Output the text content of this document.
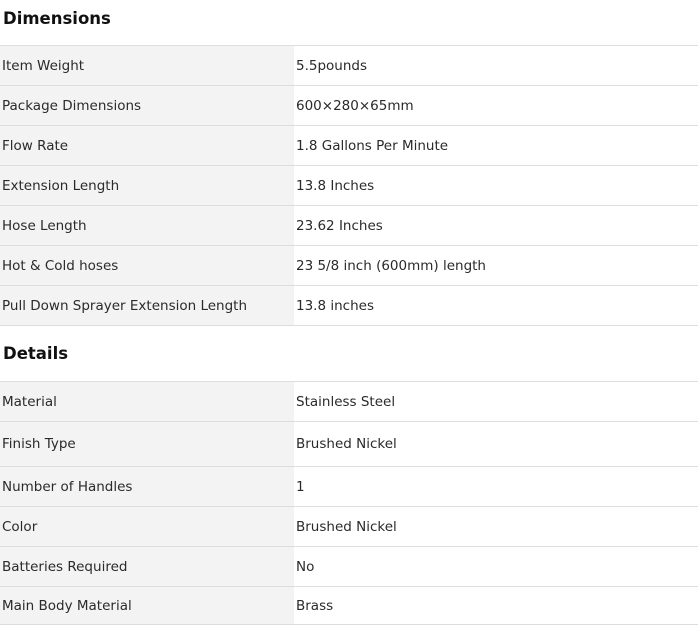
Dimensions
Item Weight	5.5pounds
Package Dimensions	600×280×65mm
Flow Rate	1.8 Gallons Per Minute
Extension Length	13.8 Inches
Hose Length	23.62 Inches
Hot & Cold hoses	23 5/8 inch (600mm) length
Pull Down Sprayer Extension Length	13.8 inches
Details
Material	Stainless Steel
Finish Type	Brushed Nickel
Number of Handles	1
Color	Brushed Nickel
Batteries Required	No
Main Body Material	Brass
